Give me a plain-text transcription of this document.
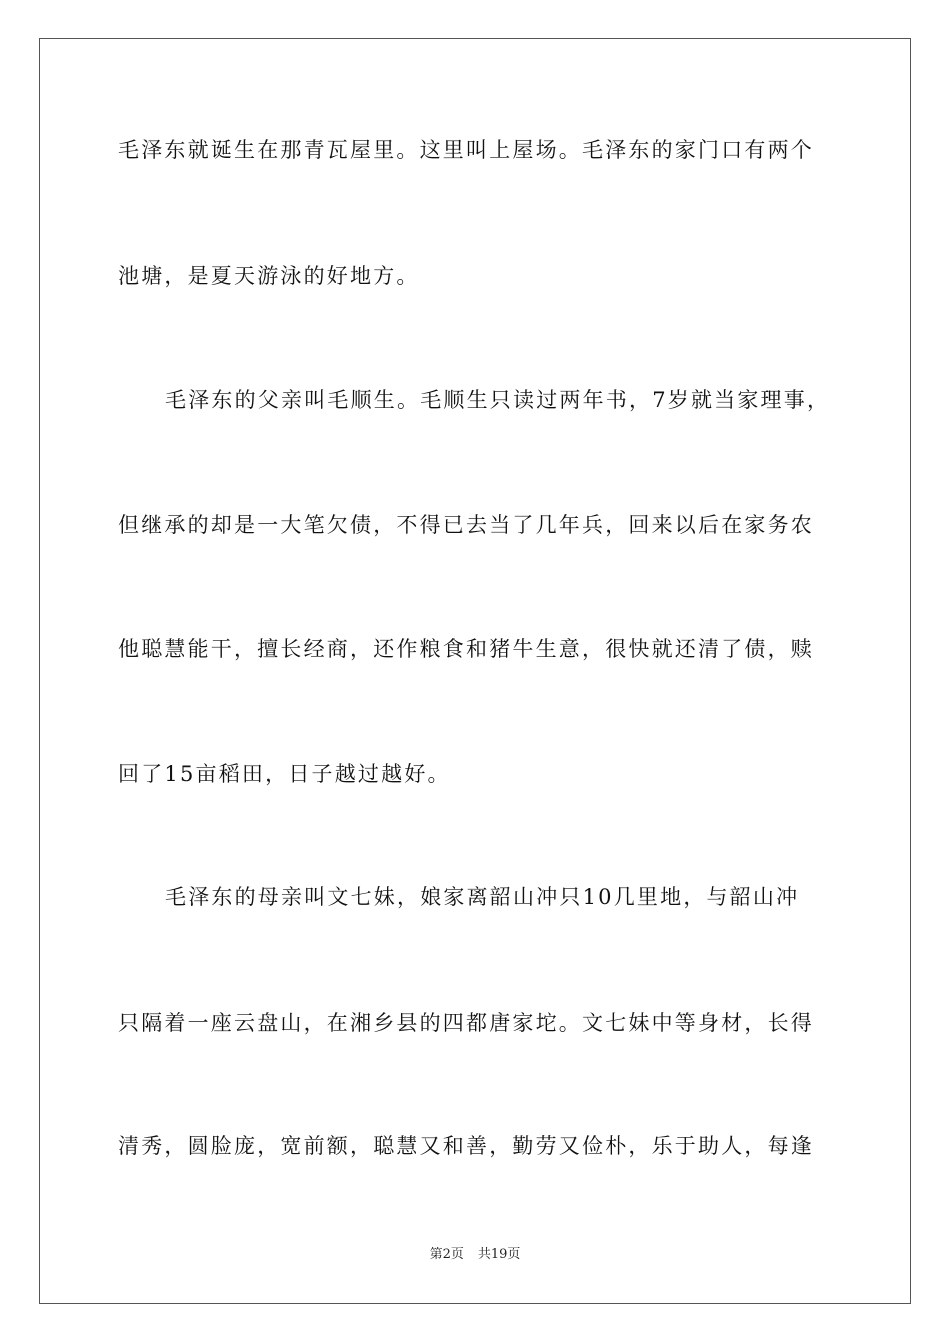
毛泽东就诞生在那青瓦屋里。这里叫上屋场。毛泽东的家门口有两个
池塘，是夏天游泳的好地方。
毛泽东的父亲叫毛顺生。毛顺生只读过两年书，7岁就当家理事，
但继承的却是一大笔欠债，不得已去当了几年兵，回来以后在家务农
他聪慧能干，擅长经商，还作粮食和猪牛生意，很快就还清了债，赎
回了15亩稻田，日子越过越好。
毛泽东的母亲叫文七妹，娘家离韶山冲只10几里地，与韶山冲
只隔着一座云盘山，在湘乡县的四都唐家坨。文七妹中等身材，长得
清秀，圆脸庞，宽前额，聪慧又和善，勤劳又俭朴，乐于助人，每逢
第2页 共19页
